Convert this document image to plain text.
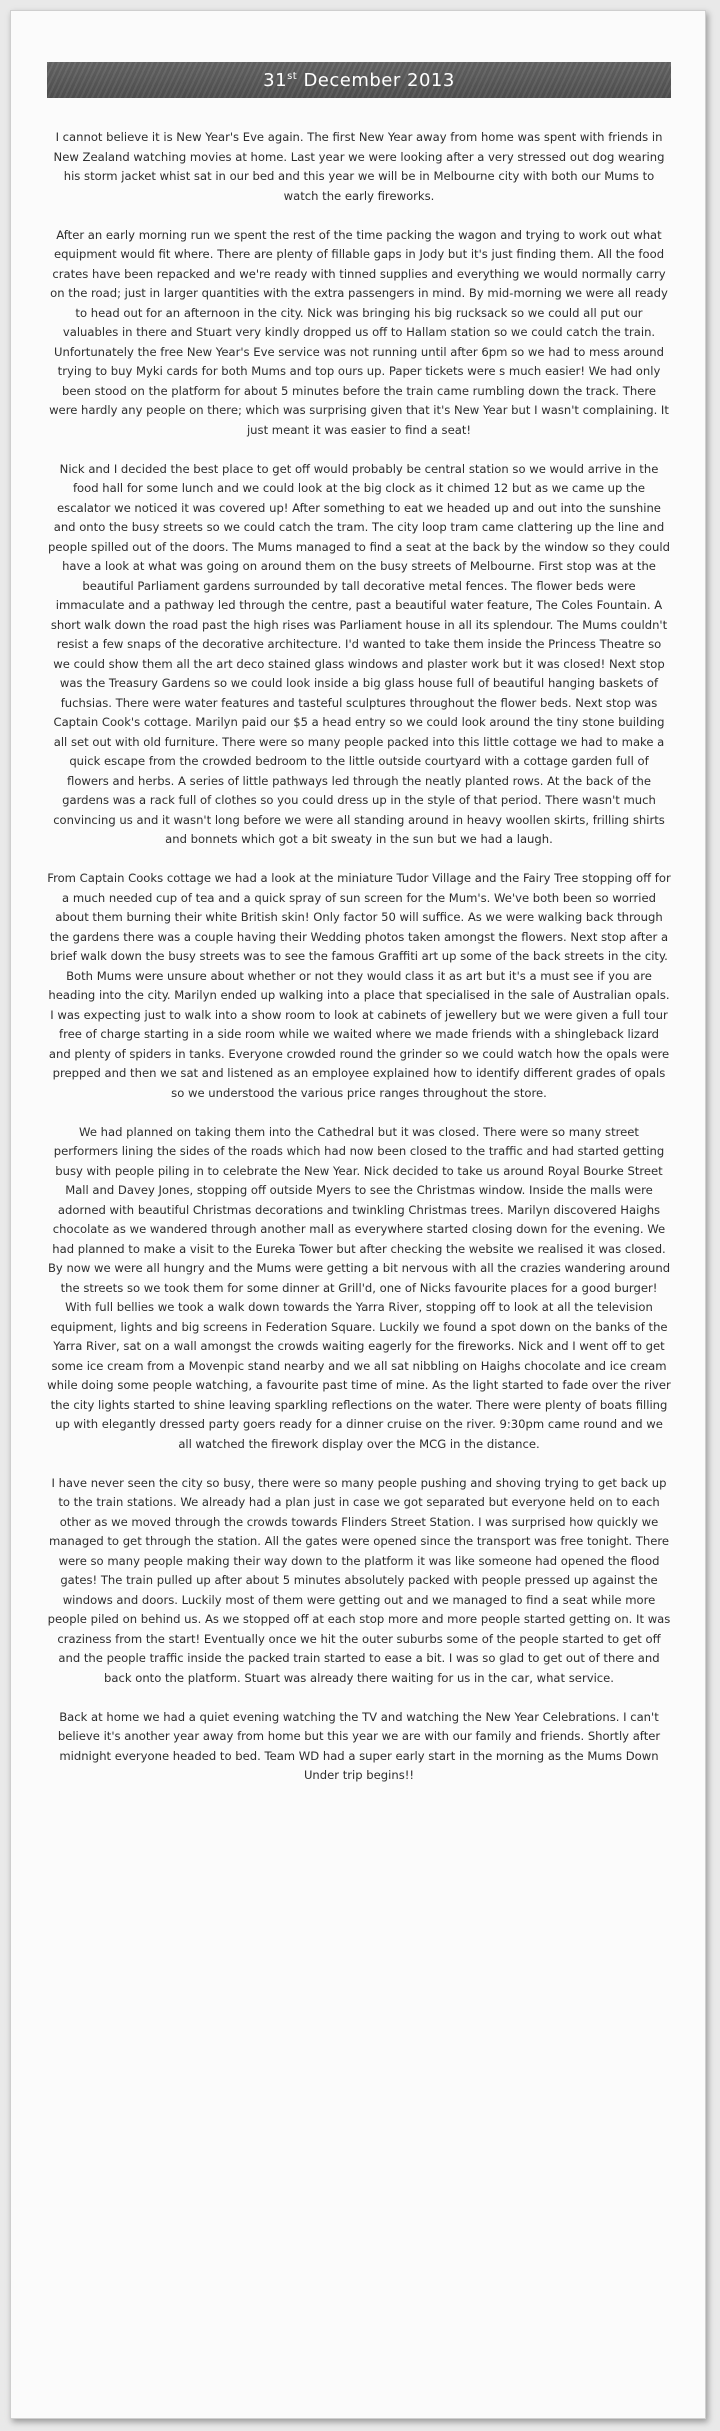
31st December 2013

I cannot believe it is New Year's Eve again. The first New Year away from home was spent with friends in New Zealand watching movies at home. Last year we were looking after a very stressed out dog wearing his storm jacket whist sat in our bed and this year we will be in Melbourne city with both our Mums to watch the early fireworks.

After an early morning run we spent the rest of the time packing the wagon and trying to work out what equipment would fit where. There are plenty of fillable gaps in Jody but it's just finding them. All the food crates have been repacked and we're ready with tinned supplies and everything we would normally carry on the road; just in larger quantities with the extra passengers in mind. By mid-morning we were all ready to head out for an afternoon in the city. Nick was bringing his big rucksack so we could all put our valuables in there and Stuart very kindly dropped us off to Hallam station so we could catch the train. Unfortunately the free New Year's Eve service was not running until after 6pm so we had to mess around trying to buy Myki cards for both Mums and top ours up. Paper tickets were s much easier! We had only been stood on the platform for about 5 minutes before the train came rumbling down the track. There were hardly any people on there; which was surprising given that it's New Year but I wasn't complaining. It just meant it was easier to find a seat!

Nick and I decided the best place to get off would probably be central station so we would arrive in the food hall for some lunch and we could look at the big clock as it chimed 12 but as we came up the escalator we noticed it was covered up! After something to eat we headed up and out into the sunshine and onto the busy streets so we could catch the tram. The city loop tram came clattering up the line and people spilled out of the doors. The Mums managed to find a seat at the back by the window so they could have a look at what was going on around them on the busy streets of Melbourne. First stop was at the beautiful Parliament gardens surrounded by tall decorative metal fences. The flower beds were immaculate and a pathway led through the centre, past a beautiful water feature, The Coles Fountain. A short walk down the road past the high rises was Parliament house in all its splendour. The Mums couldn't resist a few snaps of the decorative architecture. I'd wanted to take them inside the Princess Theatre so we could show them all the art deco stained glass windows and plaster work but it was closed! Next stop was the Treasury Gardens so we could look inside a big glass house full of beautiful hanging baskets of fuchsias. There were water features and tasteful sculptures throughout the flower beds. Next stop was Captain Cook's cottage. Marilyn paid our $5 a head entry so we could look around the tiny stone building all set out with old furniture. There were so many people packed into this little cottage we had to make a quick escape from the crowded bedroom to the little outside courtyard with a cottage garden full of flowers and herbs. A series of little pathways led through the neatly planted rows. At the back of the gardens was a rack full of clothes so you could dress up in the style of that period. There wasn't much convincing us and it wasn't long before we were all standing around in heavy woollen skirts, frilling shirts and bonnets which got a bit sweaty in the sun but we had a laugh.

From Captain Cooks cottage we had a look at the miniature Tudor Village and the Fairy Tree stopping off for a much needed cup of tea and a quick spray of sun screen for the Mum's. We've both been so worried about them burning their white British skin! Only factor 50 will suffice. As we were walking back through the gardens there was a couple having their Wedding photos taken amongst the flowers. Next stop after a brief walk down the busy streets was to see the famous Graffiti art up some of the back streets in the city. Both Mums were unsure about whether or not they would class it as art but it's a must see if you are heading into the city. Marilyn ended up walking into a place that specialised in the sale of Australian opals. I was expecting just to walk into a show room to look at cabinets of jewellery but we were given a full tour free of charge starting in a side room while we waited where we made friends with a shingleback lizard and plenty of spiders in tanks. Everyone crowded round the grinder so we could watch how the opals were prepped and then we sat and listened as an employee explained how to identify different grades of opals so we understood the various price ranges throughout the store.

We had planned on taking them into the Cathedral but it was closed. There were so many street performers lining the sides of the roads which had now been closed to the traffic and had started getting busy with people piling in to celebrate the New Year. Nick decided to take us around Royal Bourke Street Mall and Davey Jones, stopping off outside Myers to see the Christmas window. Inside the malls were adorned with beautiful Christmas decorations and twinkling Christmas trees. Marilyn discovered Haighs chocolate as we wandered through another mall as everywhere started closing down for the evening. We had planned to make a visit to the Eureka Tower but after checking the website we realised it was closed. By now we were all hungry and the Mums were getting a bit nervous with all the crazies wandering around the streets so we took them for some dinner at Grill'd, one of Nicks favourite places for a good burger! With full bellies we took a walk down towards the Yarra River, stopping off to look at all the television equipment, lights and big screens in Federation Square. Luckily we found a spot down on the banks of the Yarra River, sat on a wall amongst the crowds waiting eagerly for the fireworks. Nick and I went off to get some ice cream from a Movenpic stand nearby and we all sat nibbling on Haighs chocolate and ice cream while doing some people watching, a favourite past time of mine. As the light started to fade over the river the city lights started to shine leaving sparkling reflections on the water. There were plenty of boats filling up with elegantly dressed party goers ready for a dinner cruise on the river. 9:30pm came round and we all watched the firework display over the MCG in the distance.

I have never seen the city so busy, there were so many people pushing and shoving trying to get back up to the train stations. We already had a plan just in case we got separated but everyone held on to each other as we moved through the crowds towards Flinders Street Station. I was surprised how quickly we managed to get through the station. All the gates were opened since the transport was free tonight. There were so many people making their way down to the platform it was like someone had opened the flood gates! The train pulled up after about 5 minutes absolutely packed with people pressed up against the windows and doors. Luckily most of them were getting out and we managed to find a seat while more people piled on behind us. As we stopped off at each stop more and more people started getting on. It was craziness from the start! Eventually once we hit the outer suburbs some of the people started to get off and the people traffic inside the packed train started to ease a bit. I was so glad to get out of there and back onto the platform. Stuart was already there waiting for us in the car, what service.

Back at home we had a quiet evening watching the TV and watching the New Year Celebrations. I can't believe it's another year away from home but this year we are with our family and friends. Shortly after midnight everyone headed to bed. Team WD had a super early start in the morning as the Mums Down Under trip begins!!
